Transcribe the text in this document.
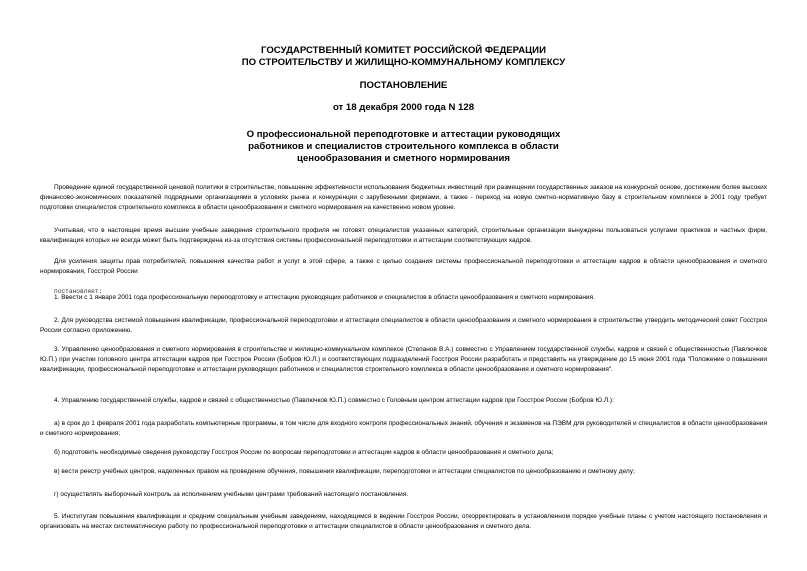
ГОСУДАРСТВЕННЫЙ КОМИТЕТ РОССИЙСКОЙ ФЕДЕРАЦИИ
ПО СТРОИТЕЛЬСТВУ И ЖИЛИЩНО-КОММУНАЛЬНОМУ КОМПЛЕКСУ
ПОСТАНОВЛЕНИЕ
от 18 декабря 2000 года N 128
О профессиональной переподготовке и аттестации руководящих
работников и специалистов строительного комплекса в области
ценообразования и сметного нормирования

Проведение единой государственной ценовой политики в строительстве, повышение эффективности использования бюджетных инвестиций при размещении государственных заказов на конкурсной основе, достижение более высоких финансово-экономических показателей подрядными организациями в условиях рынка и конкуренции с зарубежными фирмами, а также - переход на новую сметно-нормативную базу в строительном комплексе в 2001 году требует подготовки специалистов строительного комплекса в области ценообразования и сметного нормирования на качественно новом уровне.

Учитывая, что в настоящее время высшие учебные заведения строительного профиля не готовят специалистов указанных категорий, строительные организации вынуждены пользоваться услугами практиков и частных фирм, квалификация которых не всегда может быть подтверждена из-за отсутствия системы профессиональной переподготовки и аттестации соответствующих кадров.

Для усиления защиты прав потребителей, повышения качества работ и услуг в этой сфере, а также с целью создания системы профессиональной переподготовки и аттестации кадров в области ценообразования и сметного нормирования, Госстрой России

постановляет:

1. Ввести с 1 января 2001 года профессиональную переподготовку и аттестацию руководящих работников и специалистов в области ценообразования и сметного нормирования.

2. Для руководства системой повышения квалификации, профессиональной переподготовки и аттестации специалистов в области ценообразования и сметного нормирования в строительстве утвердить методический совет Госстроя России согласно приложению.

3. Управлению ценообразования и сметного нормирования в строительстве и жилищно-коммунальном комплексе (Степанов В.А.) совместно с Управлением государственной службы, кадров и связей с общественностью (Павлючков Ю.П.) при участии головного центра аттестации кадров при Госстрое России (Бобров Ю.Л.) и соответствующих подразделений Госстроя России разработать и представить на утверждение до 15 июня 2001 года "Положение о повышении квалификации, профессиональной переподготовке и аттестации руководящих работников и специалистов строительного комплекса в области ценообразования и сметного нормирования".

4. Управлению государственной службы, кадров и связей с общественностью (Павлючков Ю.П.) совместно с Головным центром аттестации кадров при Госстрое России (Бобров Ю.Л.):

а) в срок до 1 февраля 2001 года разработать компьютерные программы, в том числе для входного контроля профессиональных знаний, обучения и экзаменов на ПЭВМ для руководителей и специалистов в области ценообразования и сметного нормирования;

б) подготовить необходимые сведения руководству Госстроя России по вопросам переподготовки и аттестации кадров в области ценообразования и сметного дела;

в) вести реестр учебных центров, наделенных правом на проведение обучения, повышения квалификации, переподготовки и аттестации специалистов по ценообразованию и сметному делу;

г) осуществлять выборочный контроль за исполнением учебными центрами требований настоящего постановления.

5. Институтам повышения квалификации и средним специальным учебным заведениям, находящимся в ведении Госстроя России, откорректировать в установленном порядке учебные планы с учетом настоящего постановления и организовать на местах систематическую работу по профессиональной переподготовке и аттестации специалистов в области ценообразования и сметного дела.
